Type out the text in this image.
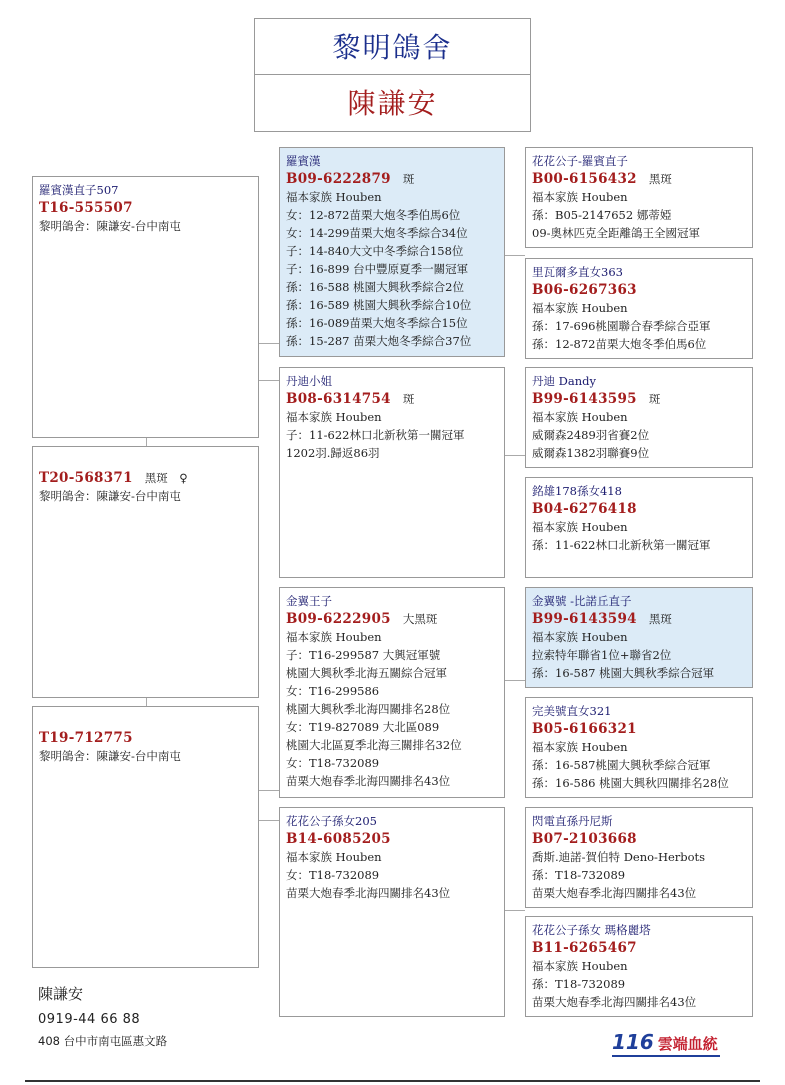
黎明鴿舍
陳謙安
羅賓漢直子507
T16-555507
黎明鴿舍：陳謙安-台中南屯
T20-568371 黑斑　♀
黎明鴿舍：陳謙安-台中南屯
T19-712775
黎明鴿舍：陳謙安-台中南屯
羅賓漢
B09-6222879 斑
福本家族 Houben
女：12-872苗栗大炮冬季伯馬6位
女：14-299苗栗大炮冬季綜合34位
子：14-840大文中冬季綜合158位
子：16-899 台中豐原夏季一關冠軍
孫：16-588 桃園大興秋季綜合2位
孫：16-589 桃園大興秋季綜合10位
孫：16-089苗栗大炮冬季綜合15位
孫：15-287 苗栗大炮冬季綜合37位
丹迪小姐
B08-6314754 斑
福本家族 Houben
子：11-622林口北新秋第一關冠軍
1202羽.歸返86羽
金翼王子
B09-6222905 大黑斑
福本家族 Houben
子：T16-299587 大興冠軍號
桃園大興秋季北海五關綜合冠軍
女：T16-299586
桃園大興秋季北海四關排名28位
女：T19-827089 大北區089
桃園大北區夏季北海三關排名32位
女：T18-732089
苗栗大炮春季北海四關排名43位
花花公子孫女205
B14-6085205
福本家族 Houben
女：T18-732089
苗栗大炮春季北海四關排名43位
花花公子-羅賓直子
B00-6156432 黑斑
福本家族 Houben
孫：B05-2147652 娜蒂婭
09-奧林匹克全距離鴿王全國冠軍
里瓦爾多直女363
B06-6267363
福本家族 Houben
孫：17-696桃園聯合春季綜合亞軍
孫：12-872苗栗大炮冬季伯馬6位
丹迪 Dandy
B99-6143595 斑
福本家族 Houben
威爾森2489羽省賽2位
威爾森1382羽聯賽9位
銘雄178孫女418
B04-6276418
福本家族 Houben
孫：11-622林口北新秋第一關冠軍
金翼號 -比諾丘直子
B99-6143594 黑斑
福本家族 Houben
拉索特年聯省1位+聯省2位
孫：16-587 桃園大興秋季綜合冠軍
完美號直女321
B05-6166321
福本家族 Houben
孫：16-587桃園大興秋季綜合冠軍
孫：16-586 桃園大興秋四關排名28位
閃電直孫丹尼斯
B07-2103668
喬斯.迪諾-賀伯特 Deno-Herbots
孫：T18-732089
苗栗大炮春季北海四關排名43位
花花公子孫女 瑪格麗塔
B11-6265467
福本家族 Houben
孫：T18-732089
苗栗大炮春季北海四關排名43位
陳謙安
0919-44 66 88
408 台中市南屯區惠文路	116 雲端血統
